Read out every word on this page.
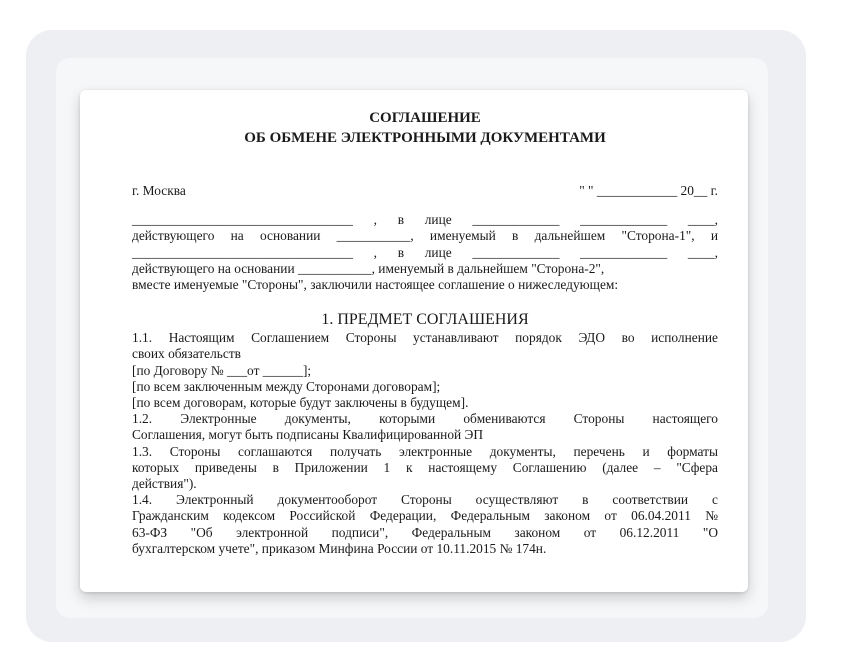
СОГЛАШЕНИЕ
ОБ ОБМЕНЕ ЭЛЕКТРОННЫМИ ДОКУМЕНТАМИ
г. Москва	" " ____________ 20__ г.
_________________________________ , в лице _____________ _____________ ____,
действующего на основании ___________, именуемый в дальнейшем "Сторона-1", и
_________________________________ , в лице _____________ _____________ ____,
действующего на основании ___________, именуемый в дальнейшем "Сторона-2",
вместе именуемые "Стороны", заключили настоящее соглашение о нижеследующем:
1. ПРЕДМЕТ СОГЛАШЕНИЯ
1.1. Настоящим Соглашением Стороны устанавливают порядок ЭДО во исполнение
своих обязательств
[по Договору № ___от ______];
[по всем заключенным между Сторонами договорам];
[по всем договорам, которые будут заключены в будущем].
1.2. Электронные документы, которыми обмениваются Стороны настоящего
Соглашения, могут быть подписаны Квалифицированной ЭП
1.3. Стороны соглашаются получать электронные документы, перечень и форматы
которых приведены в Приложении 1 к настоящему Соглашению (далее – "Сфера
действия").
1.4. Электронный документооборот Стороны осуществляют в соответствии с
Гражданским кодексом Российской Федерации, Федеральным законом от 06.04.2011 №
63-ФЗ "Об электронной подписи", Федеральным законом от 06.12.2011 "О
бухгалтерском учете", приказом Минфина России от 10.11.2015 № 174н.
